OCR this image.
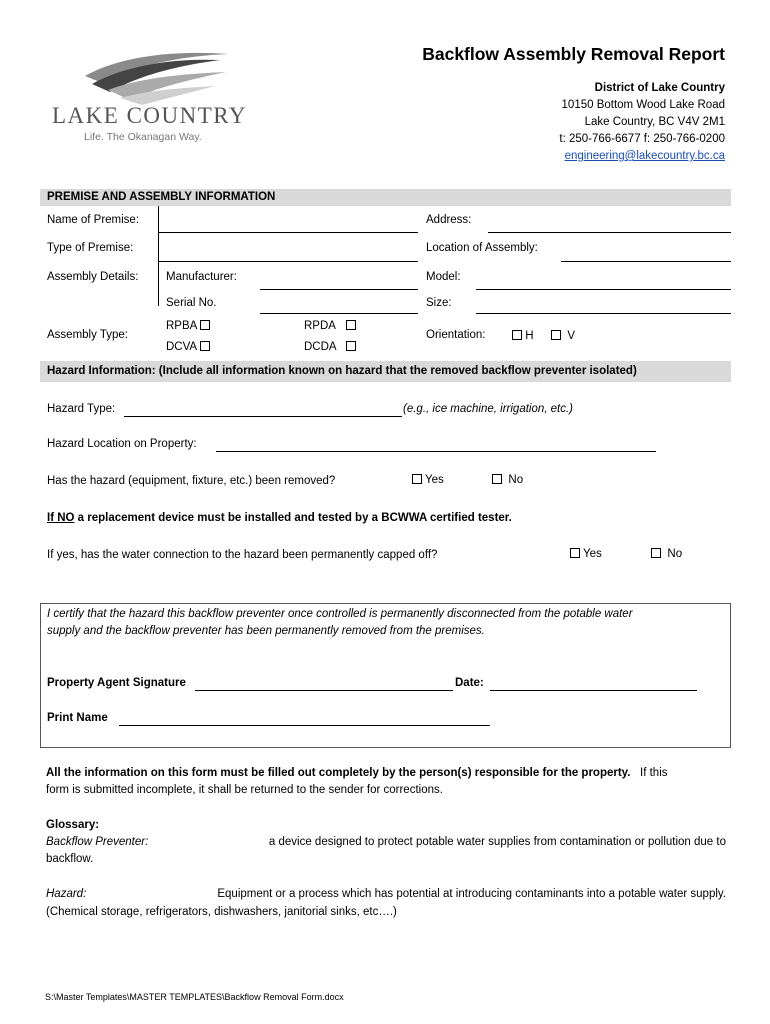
LAKE COUNTRY
Life. The Okanagan Way.
Backflow Assembly Removal Report
District of Lake Country
10150 Bottom Wood Lake Road
Lake Country, BC V4V 2M1
t: 250-766-6677 f: 250-766-0200
engineering@lakecountry.bc.ca
PREMISE AND ASSEMBLY INFORMATION
Name of Premise:	Address:
Type of Premise:	Location of Assembly:
Assembly Details: Manufacturer:	Model:
Serial No.	Size:
Assembly Type:
RPBA	RPDA
DCVA	DCDA
Orientation:	H	V
Hazard Information: (Include all information known on hazard that the removed backflow preventer isolated)
Hazard Type:	(e.g., ice machine, irrigation, etc.)
Hazard Location on Property:
Has the hazard (equipment, fixture, etc.) been removed?	Yes	No
If NO a replacement device must be installed and tested by a BCWWA certified tester.
If yes, has the water connection to the hazard been permanently capped off?	Yes	No
I certify that the hazard this backflow preventer once controlled is permanently disconnected from the potable water
supply and the backflow preventer has been permanently removed from the premises.
Property Agent Signature	Date:
Print Name
All the information on this form must be filled out completely by the person(s) responsible for the property. If this
form is submitted incomplete, it shall be returned to the sender for corrections.
Glossary:
Backflow Preventer:	a device designed to protect potable water supplies from contamination or pollution due to
backflow.
Hazard:	Equipment or a process which has potential at introducing contaminants into a potable water supply.
(Chemical storage, refrigerators, dishwashers, janitorial sinks, etc….)
S:\Master Templates\MASTER TEMPLATES\Backflow Removal Form.docx
